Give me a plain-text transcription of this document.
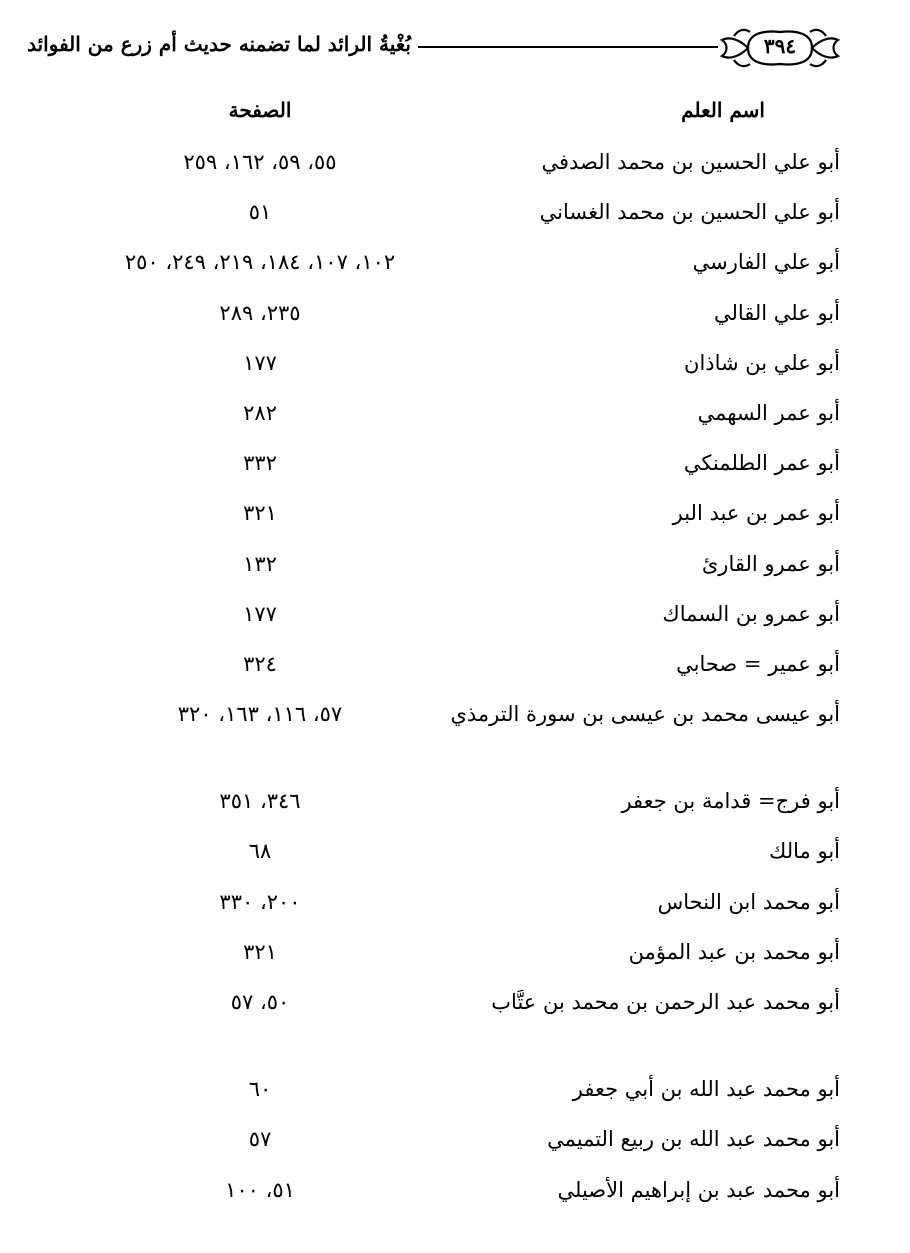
بُغْيةُ الرائد لما تضمنه حديث أم زرع من الفوائد	٣٩٤
اسم العلم
الصفحة
أبو علي الحسين بن محمد الصدفي
٥٥، ٥٩، ١٦٢، ٢٥٩
أبو علي الحسين بن محمد الغساني
٥١
أبو علي الفارسي
١٠٢، ١٠٧، ١٨٤، ٢١٩، ٢٤٩، ٢٥٠
أبو علي القالي
٢٣٥، ٢٨٩
أبو علي بن شاذان
١٧٧
أبو عمر السهمي
٢٨٢
أبو عمر الطلمنكي
٣٣٢
أبو عمر بن عبد البر
٣٢١
أبو عمرو القارئ
١٣٢
أبو عمرو بن السماك
١٧٧
أبو عمير = صحابي
٣٢٤
أبو عيسى محمد بن عيسى بن سورة الترمذي
٥٧، ١١٦، ١٦٣، ٣٢٠
أبو فرج= قدامة بن جعفر
٣٤٦، ٣٥١
أبو مالك
٦٨
أبو محمد ابن النحاس
٢٠٠، ٣٣٠
أبو محمد بن عبد المؤمن
٣٢١
أبو محمد عبد الرحمن بن محمد بن عتَّاب
٥٠، ٥٧
أبو محمد عبد الله بن أبي جعفر
٦٠
أبو محمد عبد الله بن ربيع التميمي
٥٧
أبو محمد عبد بن إبراهيم الأصيلي
٥١، ١٠٠
